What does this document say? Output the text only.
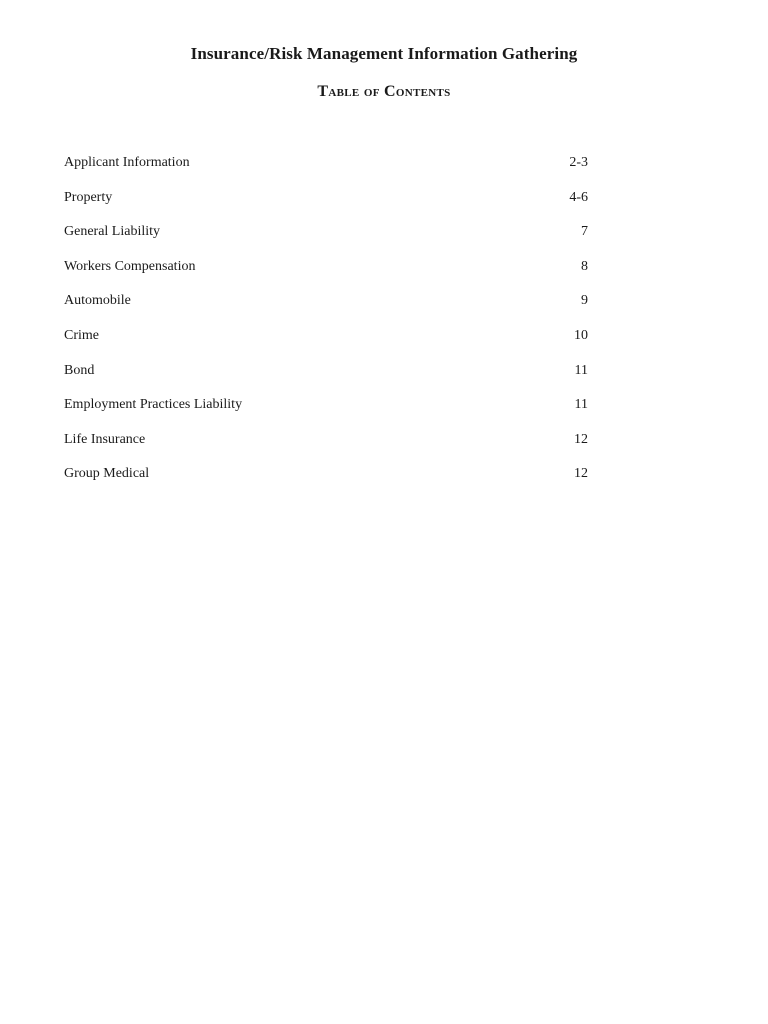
Insurance/Risk Management Information Gathering
Table of Contents
Applicant Information	2-3
Property	4-6
General Liability	7
Workers Compensation	8
Automobile	9
Crime	10
Bond	11
Employment Practices Liability	11
Life Insurance	12
Group Medical	12
